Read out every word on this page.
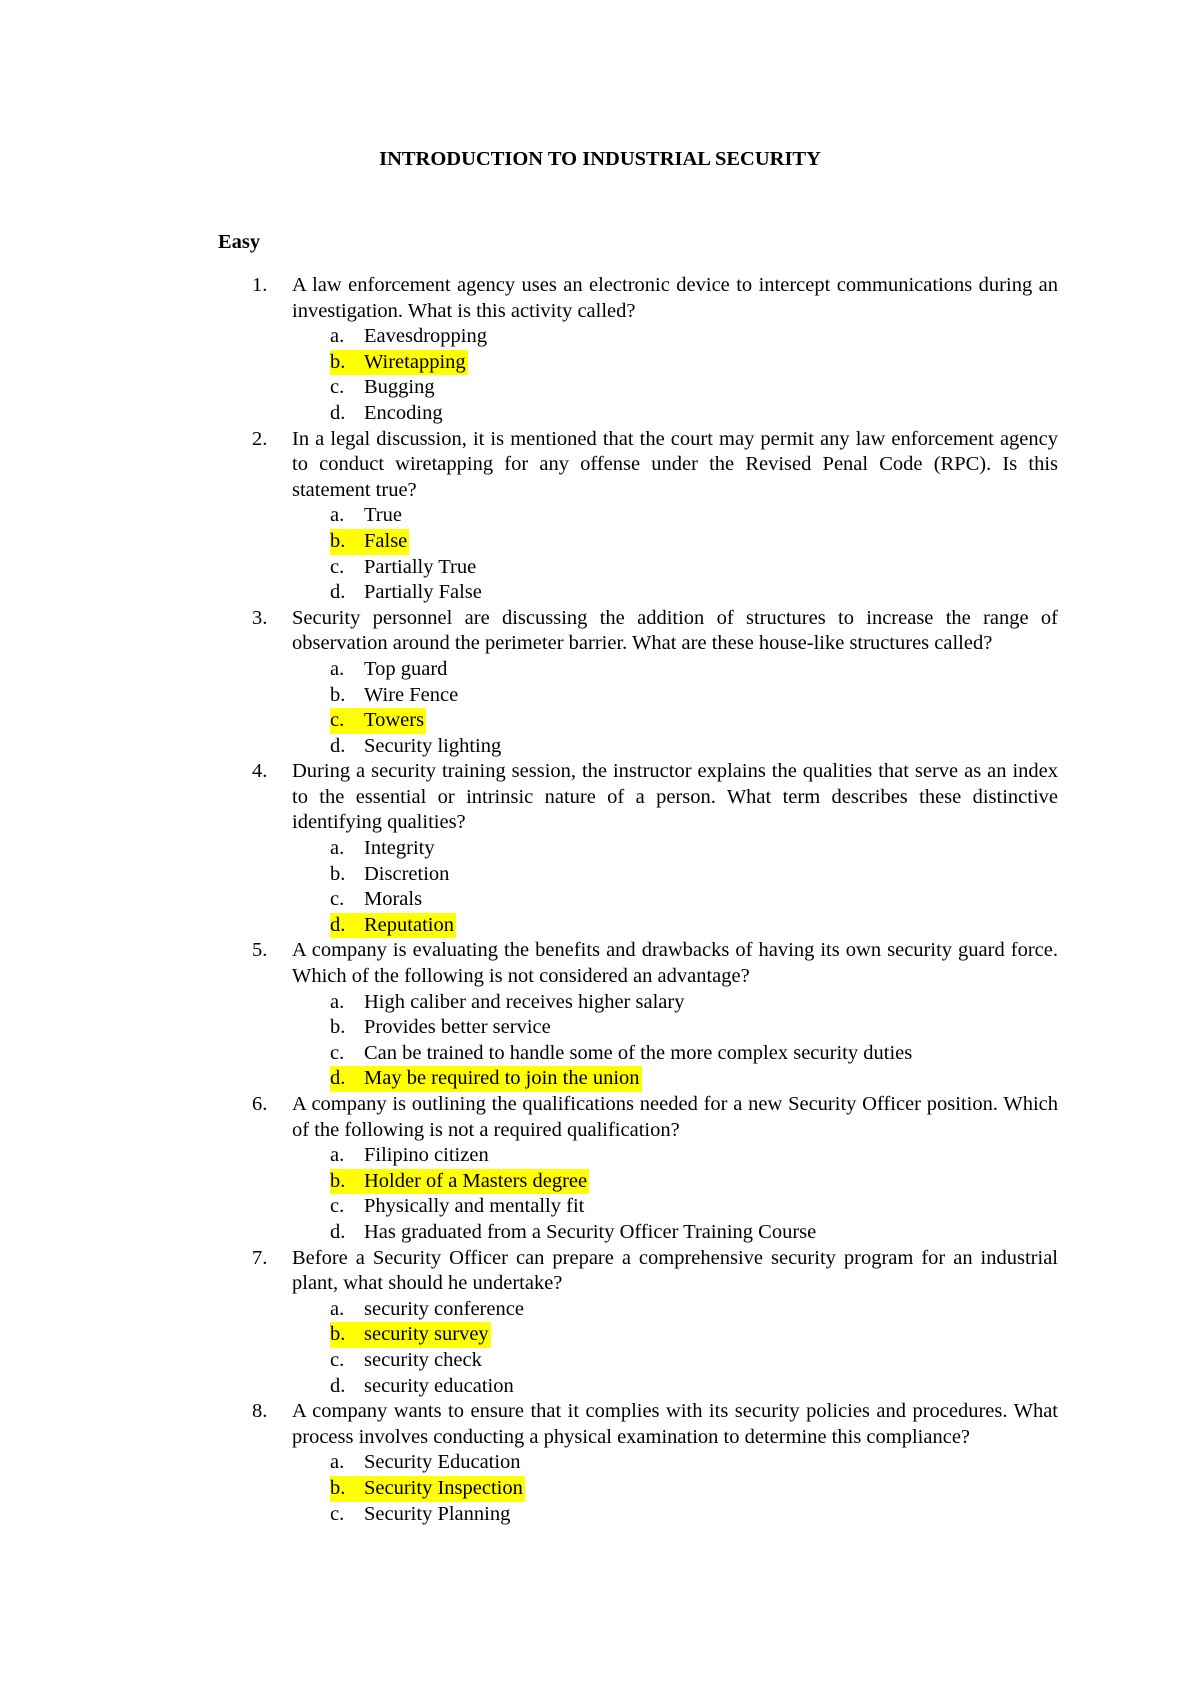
INTRODUCTION TO INDUSTRIAL SECURITY
Easy
1. A law enforcement agency uses an electronic device to intercept communications during an investigation. What is this activity called?
a. Eavesdropping
b. Wiretapping
c. Bugging
d. Encoding
2. In a legal discussion, it is mentioned that the court may permit any law enforcement agency to conduct wiretapping for any offense under the Revised Penal Code (RPC). Is this statement true?
a. True
b. False
c. Partially True
d. Partially False
3. Security personnel are discussing the addition of structures to increase the range of observation around the perimeter barrier. What are these house-like structures called?
a. Top guard
b. Wire Fence
c. Towers
d. Security lighting
4. During a security training session, the instructor explains the qualities that serve as an index to the essential or intrinsic nature of a person. What term describes these distinctive identifying qualities?
a. Integrity
b. Discretion
c. Morals
d. Reputation
5. A company is evaluating the benefits and drawbacks of having its own security guard force. Which of the following is not considered an advantage?
a. High caliber and receives higher salary
b. Provides better service
c. Can be trained to handle some of the more complex security duties
d. May be required to join the union
6. A company is outlining the qualifications needed for a new Security Officer position. Which of the following is not a required qualification?
a. Filipino citizen
b. Holder of a Masters degree
c. Physically and mentally fit
d. Has graduated from a Security Officer Training Course
7. Before a Security Officer can prepare a comprehensive security program for an industrial plant, what should he undertake?
a. security conference
b. security survey
c. security check
d. security education
8. A company wants to ensure that it complies with its security policies and procedures. What process involves conducting a physical examination to determine this compliance?
a. Security Education
b. Security Inspection
c. Security Planning
